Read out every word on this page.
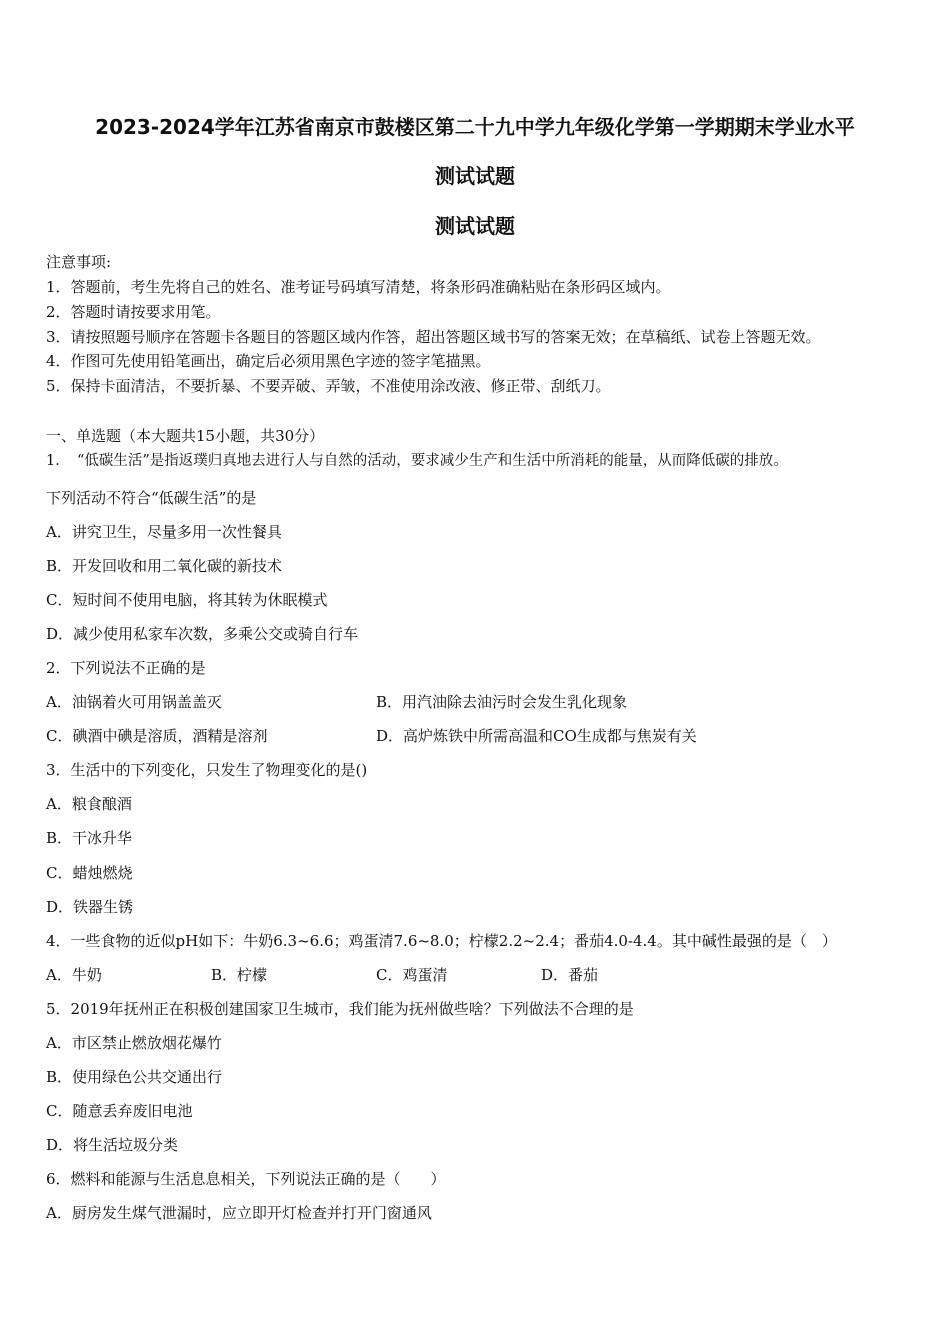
2023-2024学年江苏省南京市鼓楼区第二十九中学九年级化学第一学期期末学业水平
测试试题
测试试题
注意事项:
1．答题前，考生先将自己的姓名、准考证号码填写清楚，将条形码准确粘贴在条形码区域内。
2．答题时请按要求用笔。
3．请按照题号顺序在答题卡各题目的答题区域内作答，超出答题区域书写的答案无效；在草稿纸、试卷上答题无效。
4．作图可先使用铅笔画出，确定后必须用黑色字迹的签字笔描黑。
5．保持卡面清洁，不要折暴、不要弄破、弄皱，不准使用涂改液、修正带、刮纸刀。
一、单选题（本大题共15小题，共30分）
1．　“低碳生活”是指返璞归真地去进行人与自然的活动，要求减少生产和生活中所消耗的能量，从而降低碳的排放。
下列活动不符合“低碳生活”的是
A．讲究卫生，尽量多用一次性餐具
B．开发回收和用二氧化碳的新技术
C．短时间不使用电脑，将其转为休眠模式
D．减少使用私家车次数，多乘公交或骑自行车
2．下列说法不正确的是
A．油锅着火可用锅盖盖灭	B．用汽油除去油污时会发生乳化现象
C．碘酒中碘是溶质，酒精是溶剂	D．高炉炼铁中所需高温和CO生成都与焦炭有关
3．生活中的下列变化，只发生了物理变化的是()
A．粮食酿酒
B．干冰升华
C．蜡烛燃烧
D．铁器生锈
4．一些食物的近似pH如下：牛奶6.3~6.6；鸡蛋清7.6~8.0；柠檬2.2~2.4；番茄4.0-4.4。其中碱性最强的是（　）
A．牛奶	B．柠檬	C．鸡蛋清	D．番茄
5．2019年抚州正在积极创建国家卫生城市，我们能为抚州做些啥？下列做法不合理的是
A．市区禁止燃放烟花爆竹
B．使用绿色公共交通出行
C．随意丢弃废旧电池
D．将生活垃圾分类
6．燃料和能源与生活息息相关，下列说法正确的是（　　）
A．厨房发生煤气泄漏时，应立即开灯检查并打开门窗通风
